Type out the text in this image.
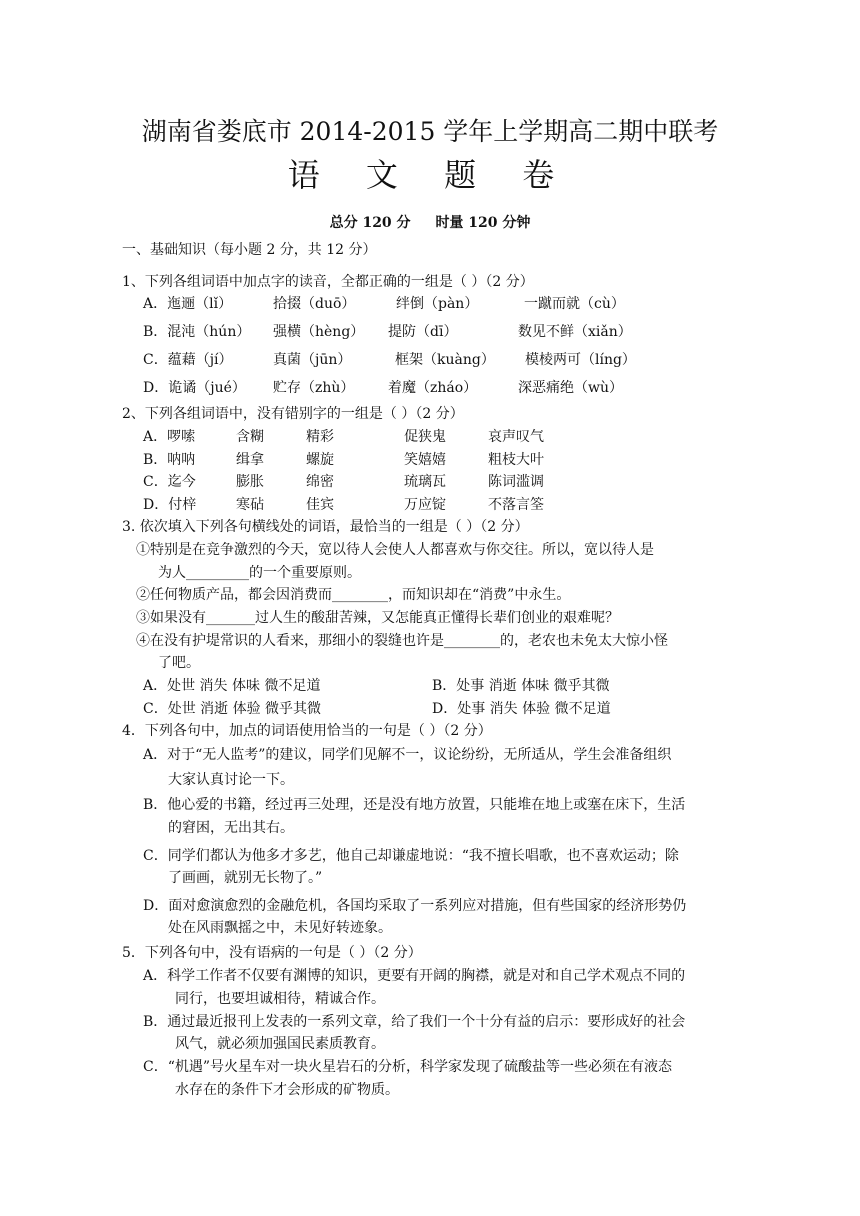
湖南省娄底市 2014-2015 学年上学期高二期中联考
语 文 题 卷
总分 120 分 时量 120 分钟
一、基础知识（每小题 2 分，共 12 分）
1、下列各组词语中加点字的读音，全都正确的一组是（ ）（2 分）
A．迤逦（lǐ）	拾掇（duō）	绊倒（pàn）	一蹴而就（cù）
B．混沌（hún） 强横（hèng） 提防（dī）	数见不鲜（xiǎn）
C．蕴藉（jí）	真菌（jūn）	框架（kuàng） 模棱两可（líng）
D．诡谲（jué） 贮存（zhù） 着魔（zháo）	深恶痛绝（wù）
2、下列各组词语中，没有错别字的一组是（ ）（2 分）
A．啰嗦	含糊	精彩	促狭鬼	哀声叹气
B．呐呐	缉拿	螺旋	笑嬉嬉	粗枝大叶
C．迄今	膨胀	绵密	琉璃瓦	陈词滥调
D．付梓	寒砧	佳宾	万应锭	不落言筌
3. 依次填入下列各句横线处的词语，最恰当的一组是（ ）（2 分）
①特别是在竞争激烈的今天，宽以待人会使人人都喜欢与你交往。所以，宽以待人是
为人_________的一个重要原则。
②任何物质产品，都会因消费而________，而知识却在“消费”中永生。
③如果没有_______过人生的酸甜苦辣，又怎能真正懂得长辈们创业的艰难呢？
④在没有护堤常识的人看来，那细小的裂缝也许是________的，老农也未免太大惊小怪
了吧。
A．处世 消失 体味 微不足道	B．处事 消逝 体味 微乎其微
C．处世 消逝 体验 微乎其微	D．处事 消失 体验 微不足道
4．下列各句中，加点的词语使用恰当的一句是（ ）（2 分）
A．对于“无人监考”的建议，同学们见解不一，议论纷纷，无所适从，学生会准备组织
大家认真讨论一下。
B．他心爱的书籍，经过再三处理，还是没有地方放置，只能堆在地上或塞在床下，生活
的窘困，无出其右。
C．同学们都认为他多才多艺，他自己却谦虚地说：“我不擅长唱歌，也不喜欢运动；除
了画画，就别无长物了。”
D．面对愈演愈烈的金融危机，各国均采取了一系列应对措施，但有些国家的经济形势仍
处在风雨飘摇之中，未见好转迹象。
5．下列各句中，没有语病的一句是（ ）（2 分）
A．科学工作者不仅要有渊博的知识，更要有开阔的胸襟，就是对和自己学术观点不同的
同行，也要坦诚相待，精诚合作。
B．通过最近报刊上发表的一系列文章，给了我们一个十分有益的启示：要形成好的社会
风气，就必须加强国民素质教育。
C．“机遇”号火星车对一块火星岩石的分析，科学家发现了硫酸盐等一些必须在有液态
水存在的条件下才会形成的矿物质。
